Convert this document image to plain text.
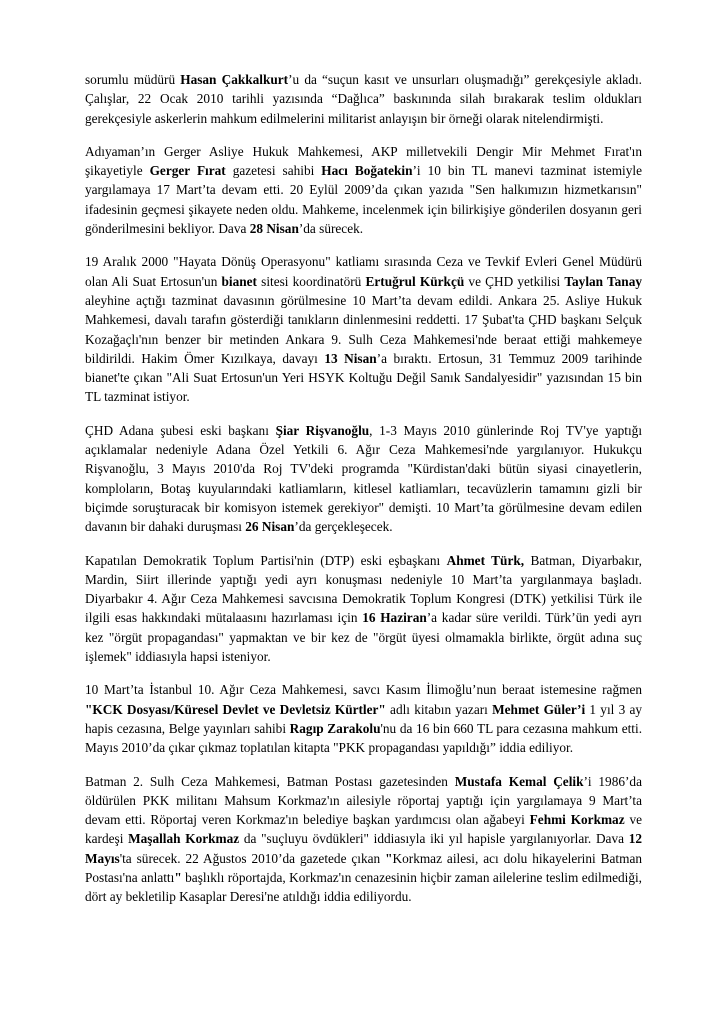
sorumlu müdürü Hasan Çakkalkurt’u da “suçun kasıt ve unsurları oluşmadığı” gerekçesiyle akladı. Çalışlar, 22 Ocak 2010 tarihli yazısında “Dağlıca” baskınında silah bırakarak teslim oldukları gerekçesiyle askerlerin mahkum edilmelerini militarist anlayışın bir örneği olarak nitelendirmişti.

Adıyaman’ın Gerger Asliye Hukuk Mahkemesi, AKP milletvekili Dengir Mir Mehmet Fırat'ın şikayetiyle Gerger Fırat gazetesi sahibi Hacı Boğatekin’i 10 bin TL manevi tazminat istemiyle yargılamaya 17 Mart’ta devam etti. 20 Eylül 2009’da çıkan yazıda "Sen halkımızın hizmetkarısın" ifadesinin geçmesi şikayete neden oldu. Mahkeme, incelenmek için bilirkişiye gönderilen dosyanın geri gönderilmesini bekliyor. Dava 28 Nisan’da sürecek.

19 Aralık 2000 "Hayata Dönüş Operasyonu" katliamı sırasında Ceza ve Tevkif Evleri Genel Müdürü olan Ali Suat Ertosun'un bianet sitesi koordinatörü Ertuğrul Kürkçü ve ÇHD yetkilisi Taylan Tanay aleyhine açtığı tazminat davasının görülmesine 10 Mart’ta devam edildi. Ankara 25. Asliye Hukuk Mahkemesi, davalı tarafın gösterdiği tanıkların dinlenmesini reddetti. 17 Şubat'ta ÇHD başkanı Selçuk Kozağaçlı'nın benzer bir metinden Ankara 9. Sulh Ceza Mahkemesi'nde beraat ettiği mahkemeye bildirildi. Hakim Ömer Kızılkaya, davayı 13 Nisan’a bıraktı. Ertosun, 31 Temmuz 2009 tarihinde bianet'te çıkan "Ali Suat Ertosun'un Yeri HSYK Koltuğu Değil Sanık Sandalyesidir" yazısından 15 bin TL tazminat istiyor.

ÇHD Adana şubesi eski başkanı Şiar Rişvanoğlu, 1-3 Mayıs 2010 günlerinde Roj TV'ye yaptığı açıklamalar nedeniyle Adana Özel Yetkili 6. Ağır Ceza Mahkemesi'nde yargılanıyor. Hukukçu Rişvanoğlu, 3 Mayıs 2010'da Roj TV'deki programda "Kürdistan'daki bütün siyasi cinayetlerin, komploların, Botaş kuyularındaki katliamların, kitlesel katliamları, tecavüzlerin tamamını gizli bir biçimde soruşturacak bir komisyon istemek gerekiyor" demişti. 10 Mart’ta görülmesine devam edilen davanın bir dahaki duruşması 26 Nisan’da gerçekleşecek.

Kapatılan Demokratik Toplum Partisi'nin (DTP) eski eşbaşkanı Ahmet Türk, Batman, Diyarbakır, Mardin, Siirt illerinde yaptığı yedi ayrı konuşması nedeniyle 10 Mart’ta yargılanmaya başladı. Diyarbakır 4. Ağır Ceza Mahkemesi savcısına Demokratik Toplum Kongresi (DTK) yetkilisi Türk ile ilgili esas hakkındaki mütalaasını hazırlaması için 16 Haziran’a kadar süre verildi. Türk’ün yedi ayrı kez "örgüt propagandası" yapmaktan ve bir kez de "örgüt üyesi olmamakla birlikte, örgüt adına suç işlemek" iddiasıyla hapsi isteniyor.

10 Mart’ta İstanbul 10. Ağır Ceza Mahkemesi, savcı Kasım İlimoğlu’nun beraat istemesine rağmen "KCK Dosyası/Küresel Devlet ve Devletsiz Kürtler" adlı kitabın yazarı Mehmet Güler’i 1 yıl 3 ay hapis cezasına, Belge yayınları sahibi Ragıp Zarakolu'nu da 16 bin 660 TL para cezasına mahkum etti. Mayıs 2010’da çıkar çıkmaz toplatılan kitapta "PKK propagandası yapıldığı” iddia ediliyor.

Batman 2. Sulh Ceza Mahkemesi, Batman Postası gazetesinden Mustafa Kemal Çelik’i 1986’da öldürülen PKK militanı Mahsum Korkmaz'ın ailesiyle röportaj yaptığı için yargılamaya 9 Mart’ta devam etti. Röportaj veren Korkmaz'ın belediye başkan yardımcısı olan ağabeyi Fehmi Korkmaz ve kardeşi Maşallah Korkmaz da "suçluyu övdükleri" iddiasıyla iki yıl hapisle yargılanıyorlar. Dava 12 Mayıs'ta sürecek. 22 Ağustos 2010’da gazetede çıkan "Korkmaz ailesi, acı dolu hikayelerini Batman Postası'na anlattı" başlıklı röportajda, Korkmaz'ın cenazesinin hiçbir zaman ailelerine teslim edilmediği, dört ay bekletilip Kasaplar Deresi'ne atıldığı iddia ediliyordu.
